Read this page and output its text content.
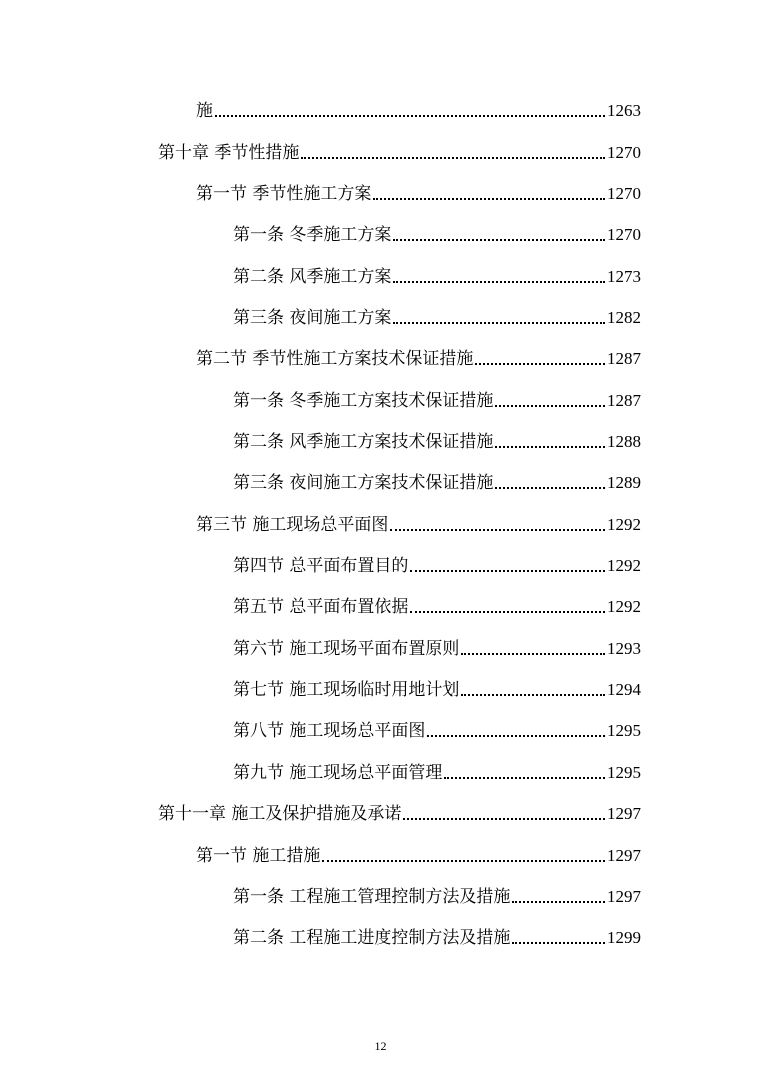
施	1263
第十章 季节性措施	1270
第一节 季节性施工方案	1270
第一条 冬季施工方案	1270
第二条 风季施工方案	1273
第三条 夜间施工方案	1282
第二节 季节性施工方案技术保证措施	1287
第一条 冬季施工方案技术保证措施	1287
第二条 风季施工方案技术保证措施	1288
第三条 夜间施工方案技术保证措施	1289
第三节 施工现场总平面图	1292
第四节 总平面布置目的	1292
第五节 总平面布置依据	1292
第六节 施工现场平面布置原则	1293
第七节 施工现场临时用地计划	1294
第八节 施工现场总平面图	1295
第九节 施工现场总平面管理	1295
第十一章 施工及保护措施及承诺	1297
第一节 施工措施	1297
第一条 工程施工管理控制方法及措施	1297
第二条 工程施工进度控制方法及措施	1299
12
